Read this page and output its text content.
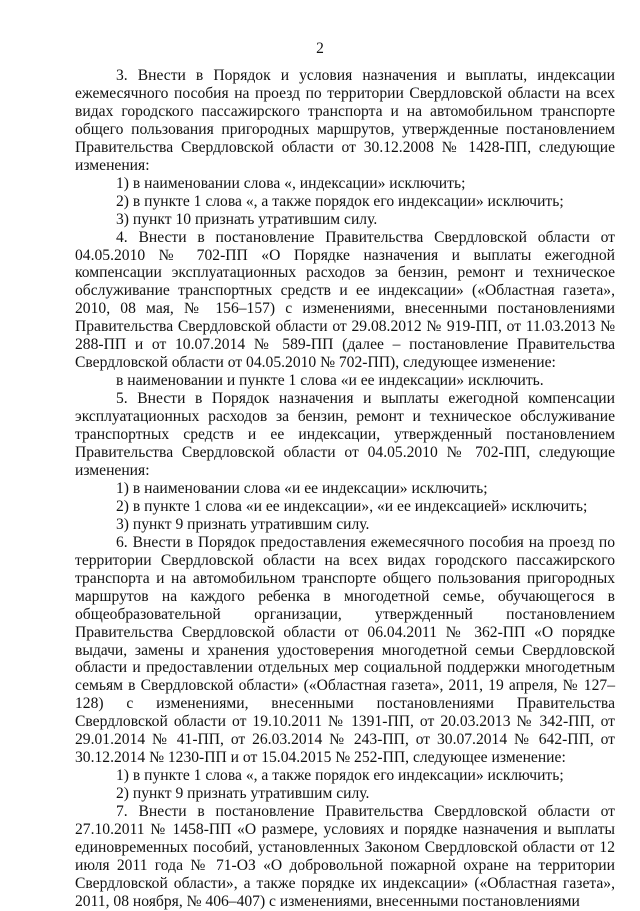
2

3. Внести в Порядок и условия назначения и выплаты, индексации ежемесячного пособия на проезд по территории Свердловской области на всех видах городского пассажирского транспорта и на автомобильном транспорте общего пользования пригородных маршрутов, утвержденные постановлением Правительства Свердловской области от 30.12.2008 № 1428-ПП, следующие изменения:

1) в наименовании слова «, индексации» исключить;

2) в пункте 1 слова «, а также порядок его индексации» исключить;

3) пункт 10 признать утратившим силу.

4. Внести в постановление Правительства Свердловской области от 04.05.2010 № 702-ПП «О Порядке назначения и выплаты ежегодной компенсации эксплуатационных расходов за бензин, ремонт и техническое обслуживание транспортных средств и ее индексации» («Областная газета», 2010, 08 мая, № 156–157) с изменениями, внесенными постановлениями Правительства Свердловской области от 29.08.2012 № 919-ПП, от 11.03.2013 № 288-ПП и от 10.07.2014 № 589-ПП (далее – постановление Правительства Свердловской области от 04.05.2010 № 702-ПП), следующее изменение:

в наименовании и пункте 1 слова «и ее индексации» исключить.

5. Внести в Порядок назначения и выплаты ежегодной компенсации эксплуатационных расходов за бензин, ремонт и техническое обслуживание транспортных средств и ее индексации, утвержденный постановлением Правительства Свердловской области от 04.05.2010 № 702-ПП, следующие изменения:

1) в наименовании слова «и ее индексации» исключить;

2) в пункте 1 слова «и ее индексации», «и ее индексацией» исключить;

3) пункт 9 признать утратившим силу.

6. Внести в Порядок предоставления ежемесячного пособия на проезд по территории Свердловской области на всех видах городского пассажирского транспорта и на автомобильном транспорте общего пользования пригородных маршрутов на каждого ребенка в многодетной семье, обучающегося в общеобразовательной организации, утвержденный постановлением Правительства Свердловской области от 06.04.2011 № 362-ПП «О порядке выдачи, замены и хранения удостоверения многодетной семьи Свердловской области и предоставлении отдельных мер социальной поддержки многодетным семьям в Свердловской области» («Областная газета», 2011, 19 апреля, № 127–128) с изменениями, внесенными постановлениями Правительства Свердловской области от 19.10.2011 № 1391-ПП, от 20.03.2013 № 342-ПП, от 29.01.2014 № 41-ПП, от 26.03.2014 № 243-ПП, от 30.07.2014 № 642-ПП, от 30.12.2014 № 1230-ПП и от 15.04.2015 № 252-ПП, следующее изменение:

1) в пункте 1 слова «, а также порядок его индексации» исключить;

2) пункт 9 признать утратившим силу.

7. Внести в постановление Правительства Свердловской области от 27.10.2011 № 1458-ПП «О размере, условиях и порядке назначения и выплаты единовременных пособий, установленных Законом Свердловской области от 12 июля 2011 года № 71-ОЗ «О добровольной пожарной охране на территории Свердловской области», а также порядке их индексации» («Областная газета», 2011, 08 ноября, № 406–407) с изменениями, внесенными постановлениями
